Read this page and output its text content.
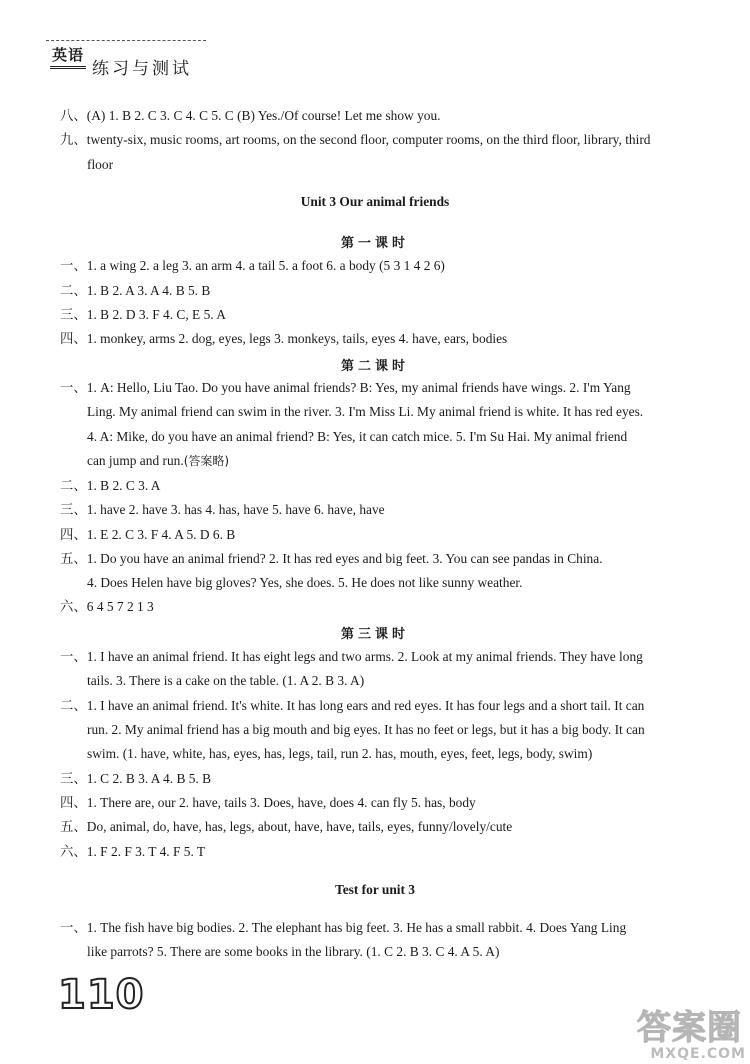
英语
练习与测试
八、(A) 1. B 2. C 3. C 4. C 5. C (B) Yes./Of course! Let me show you.
九、twenty-six, music rooms, art rooms, on the second floor, computer rooms, on the third floor, library, third
floor
Unit 3 Our animal friends
第一课时
一、1. a wing 2. a leg 3. an arm 4. a tail 5. a foot 6. a body (5 3 1 4 2 6)
二、1. B 2. A 3. A 4. B 5. B
三、1. B 2. D 3. F 4. C, E 5. A
四、1. monkey, arms 2. dog, eyes, legs 3. monkeys, tails, eyes 4. have, ears, bodies
第二课时
一、1. A: Hello, Liu Tao. Do you have animal friends? B: Yes, my animal friends have wings. 2. I'm Yang
Ling. My animal friend can swim in the river. 3. I'm Miss Li. My animal friend is white. It has red eyes.
4. A: Mike, do you have an animal friend? B: Yes, it can catch mice. 5. I'm Su Hai. My animal friend
can jump and run.(答案略)
二、1. B 2. C 3. A
三、1. have 2. have 3. has 4. has, have 5. have 6. have, have
四、1. E 2. C 3. F 4. A 5. D 6. B
五、1. Do you have an animal friend? 2. It has red eyes and big feet. 3. You can see pandas in China.
4. Does Helen have big gloves? Yes, she does. 5. He does not like sunny weather.
六、6 4 5 7 2 1 3
第三课时
一、1. I have an animal friend. It has eight legs and two arms. 2. Look at my animal friends. They have long
tails. 3. There is a cake on the table. (1. A 2. B 3. A)
二、1. I have an animal friend. It's white. It has long ears and red eyes. It has four legs and a short tail. It can
run. 2. My animal friend has a big mouth and big eyes. It has no feet or legs, but it has a big body. It can
swim. (1. have, white, has, eyes, has, legs, tail, run 2. has, mouth, eyes, feet, legs, body, swim)
三、1. C 2. B 3. A 4. B 5. B
四、1. There are, our 2. have, tails 3. Does, have, does 4. can fly 5. has, body
五、Do, animal, do, have, has, legs, about, have, have, tails, eyes, funny/lovely/cute
六、1. F 2. F 3. T 4. F 5. T
Test for unit 3
一、1. The fish have big bodies. 2. The elephant has big feet. 3. He has a small rabbit. 4. Does Yang Ling
like parrots? 5. There are some books in the library. (1. C 2. B 3. C 4. A 5. A)
110
答案圈
MXQE.COM
